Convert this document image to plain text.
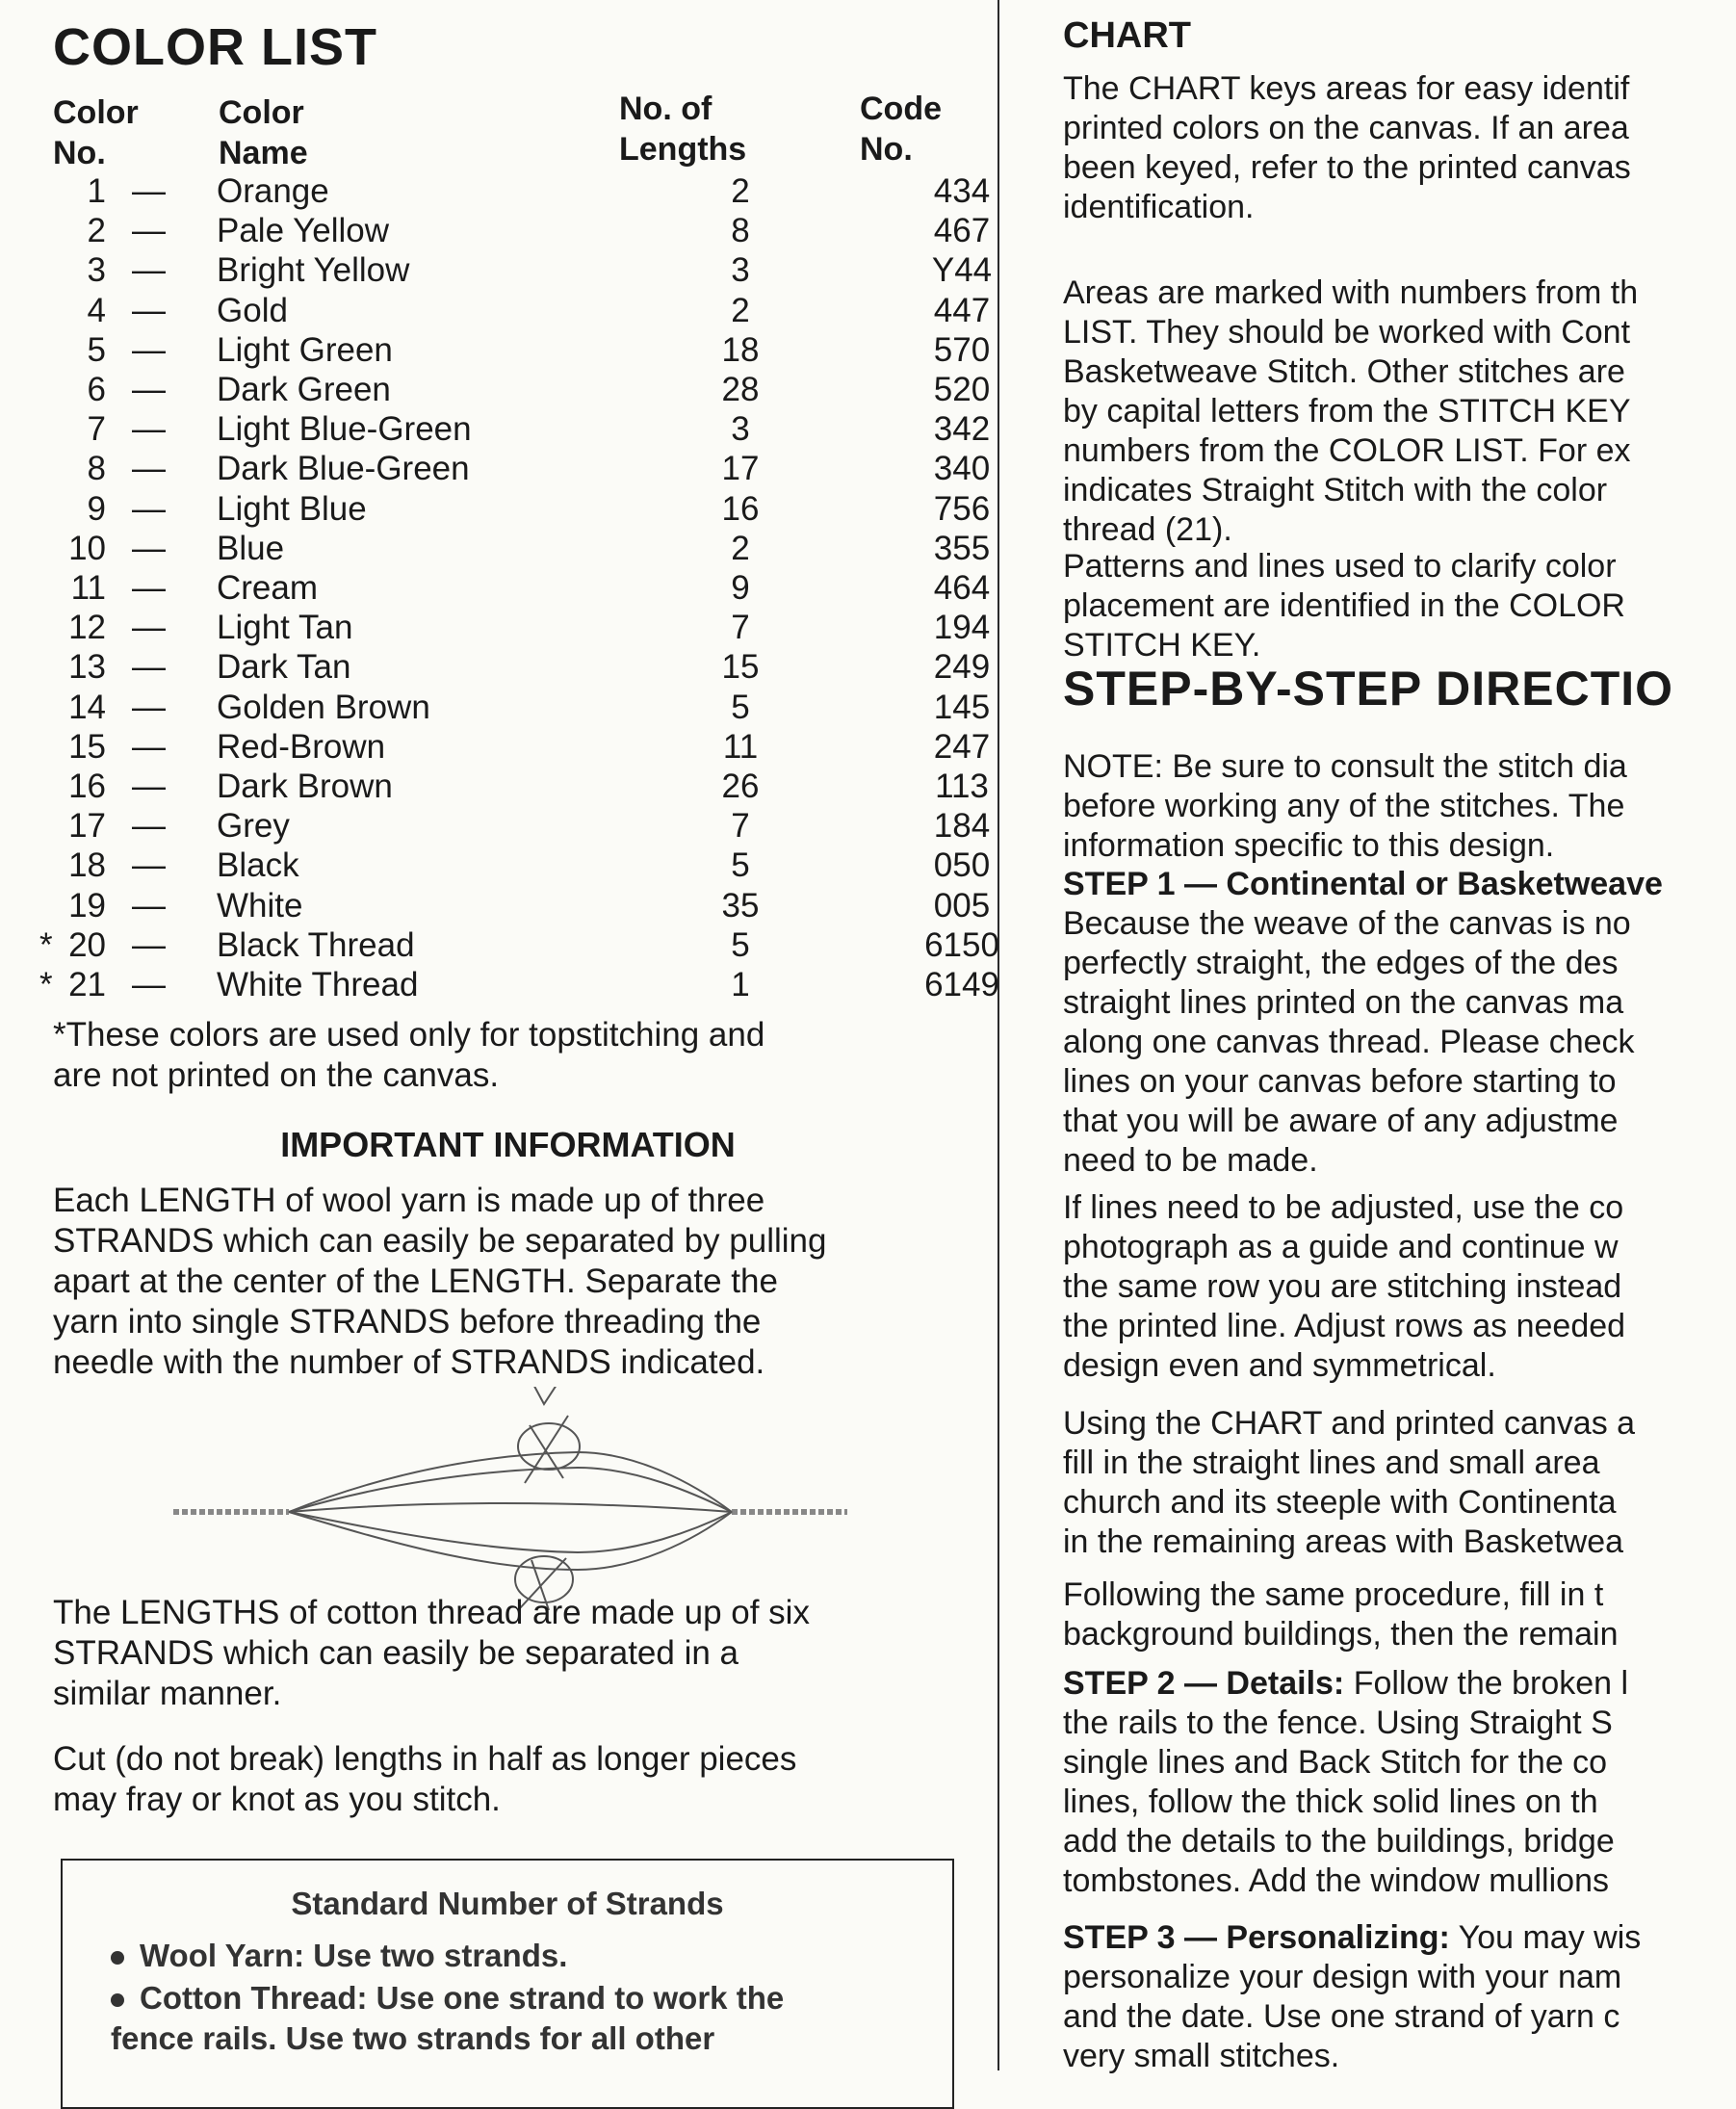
COLOR LIST
Color
No.
Color
Name
No. of
Lengths
Code
No.
1 — Orange	2	434
2 — Pale Yellow	8	467
3 — Bright Yellow	3	Y44
4 — Gold	2	447
5 — Light Green	18	570
6 — Dark Green	28	520
7 — Light Blue-Green	3	342
8 — Dark Blue-Green	17	340
9 — Light Blue	16	756
10 — Blue	2	355
11 — Cream	9	464
12 — Light Tan	7	194
13 — Dark Tan	15	249
14 — Golden Brown	5	145
15 — Red-Brown	11	247
16 — Dark Brown	26	113
17 — Grey	7	184
18 — Black	5	050
19 — White	35	005
* 20 — Black Thread	5	6150
* 21 — White Thread	1	6149
*These colors are used only for topstitching and
are not printed on the canvas.
IMPORTANT INFORMATION
Each LENGTH of wool yarn is made up of three
STRANDS which can easily be separated by pulling
apart at the center of the LENGTH. Separate the
yarn into single STRANDS before threading the
needle with the number of STRANDS indicated.
The LENGTHS of cotton thread are made up of six
STRANDS which can easily be separated in a
similar manner.
Cut (do not break) lengths in half as longer pieces
may fray or knot as you stitch.
Standard Number of Strands
Wool Yarn: Use two strands.
Cotton Thread: Use one strand to work the
fence rails. Use two strands for all other
CHART
The CHART keys areas for easy identif
printed colors on the canvas. If an area
been keyed, refer to the printed canvas
identification.
Areas are marked with numbers from th
LIST. They should be worked with Cont
Basketweave Stitch. Other stitches are
by capital letters from the STITCH KEY
numbers from the COLOR LIST. For ex
indicates Straight Stitch with the color
thread (21).
Patterns and lines used to clarify color
placement are identified in the COLOR
STITCH KEY.
STEP-BY-STEP DIRECTIO
NOTE: Be sure to consult the stitch dia
before working any of the stitches. The
information specific to this design.
STEP 1 — Continental or Basketweave
Because the weave of the canvas is no
perfectly straight, the edges of the des
straight lines printed on the canvas ma
along one canvas thread. Please check
lines on your canvas before starting to
that you will be aware of any adjustme
need to be made.
If lines need to be adjusted, use the co
photograph as a guide and continue w
the same row you are stitching instead
the printed line. Adjust rows as needed
design even and symmetrical.
Using the CHART and printed canvas a
fill in the straight lines and small area
church and its steeple with Continenta
in the remaining areas with Basketwea
Following the same procedure, fill in t
background buildings, then the remain
STEP 2 — Details: Follow the broken l
the rails to the fence. Using Straight S
single lines and Back Stitch for the co
lines, follow the thick solid lines on th
add the details to the buildings, bridge
tombstones. Add the window mullions
STEP 3 — Personalizing: You may wis
personalize your design with your nam
and the date. Use one strand of yarn c
very small stitches.
